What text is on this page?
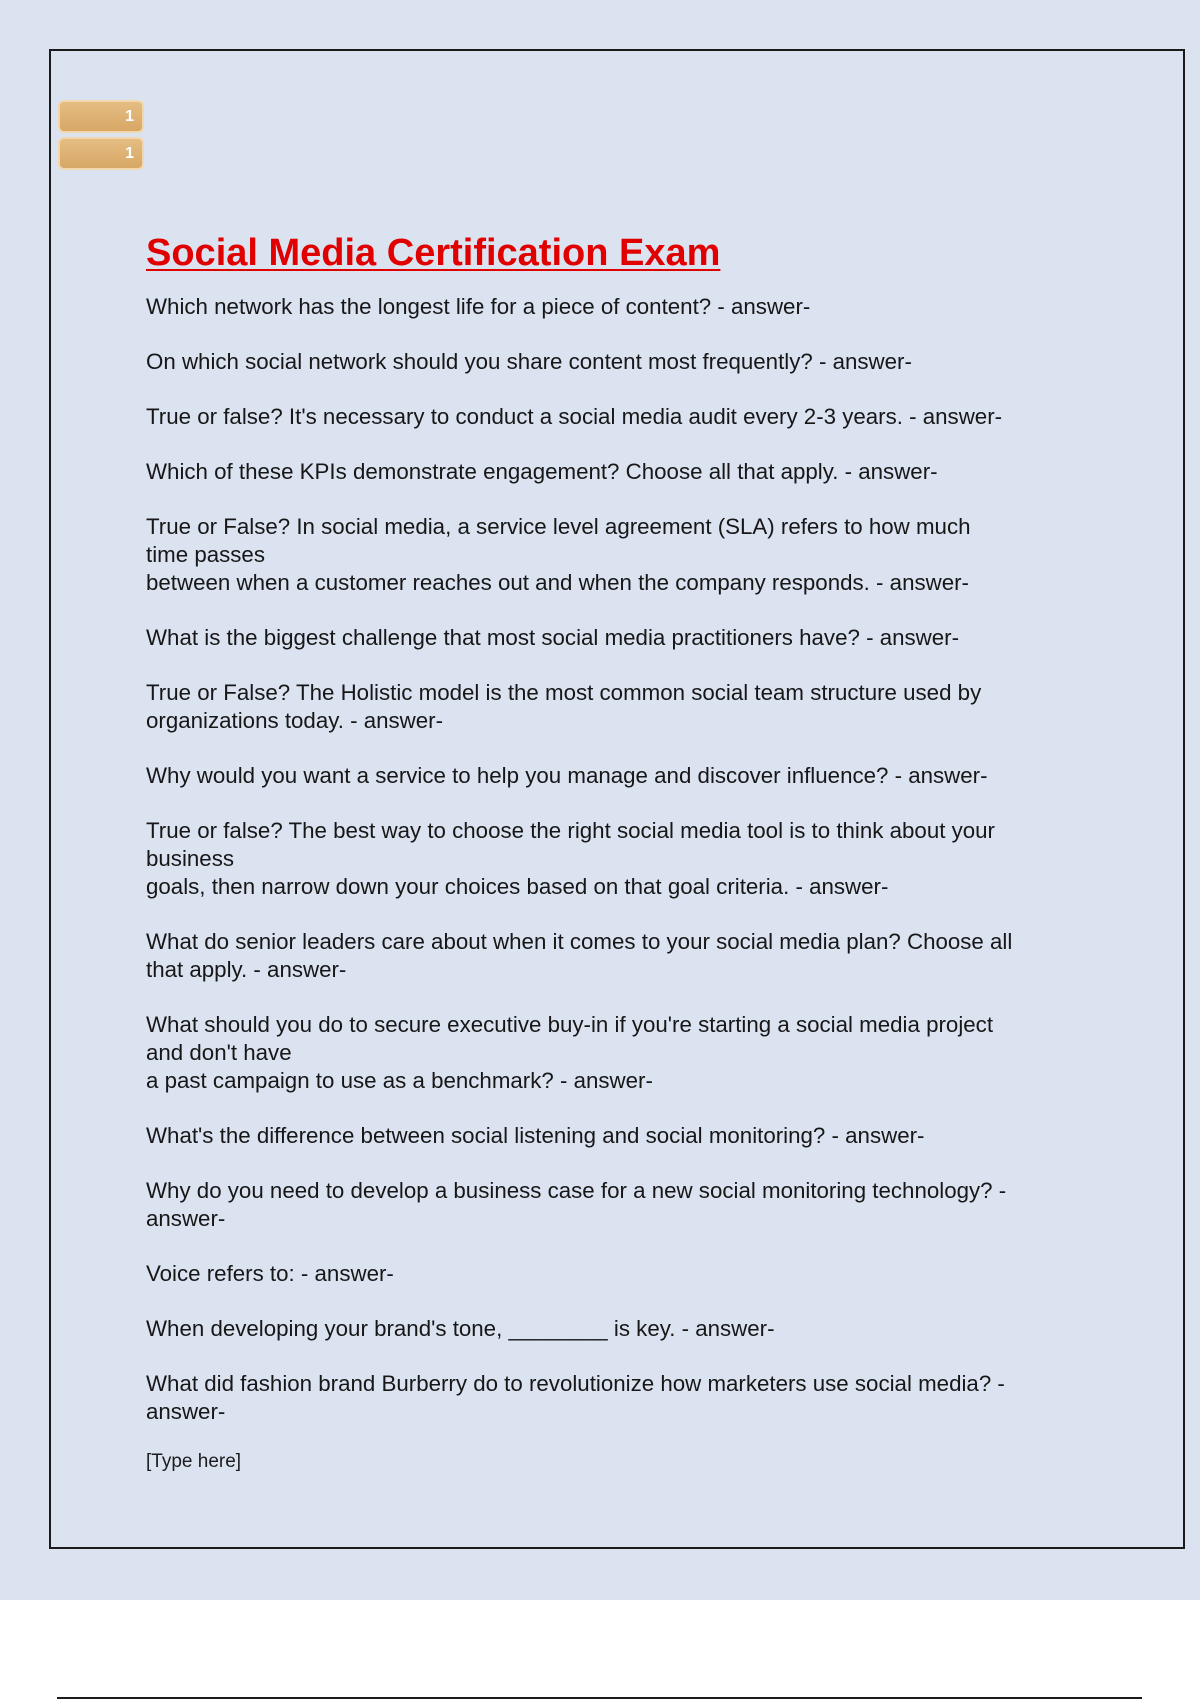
1
1
Social Media Certification Exam
Which network has the longest life for a piece of content? - answer-
On which social network should you share content most frequently? - answer-
True or false? It's necessary to conduct a social media audit every 2-3 years. - answer-
Which of these KPIs demonstrate engagement? Choose all that apply. - answer-
True or False? In social media, a service level agreement (SLA) refers to how much
time passes
between when a customer reaches out and when the company responds. - answer-
What is the biggest challenge that most social media practitioners have? - answer-
True or False? The Holistic model is the most common social team structure used by
organizations today. - answer-
Why would you want a service to help you manage and discover influence? - answer-
True or false? The best way to choose the right social media tool is to think about your
business
goals, then narrow down your choices based on that goal criteria. - answer-
What do senior leaders care about when it comes to your social media plan? Choose all
that apply. - answer-
What should you do to secure executive buy-in if you're starting a social media project
and don't have
a past campaign to use as a benchmark? - answer-
What's the difference between social listening and social monitoring? - answer-
Why do you need to develop a business case for a new social monitoring technology? -
answer-
Voice refers to: - answer-
When developing your brand's tone, ________ is key. - answer-
What did fashion brand Burberry do to revolutionize how marketers use social media? -
answer-
[Type here]
